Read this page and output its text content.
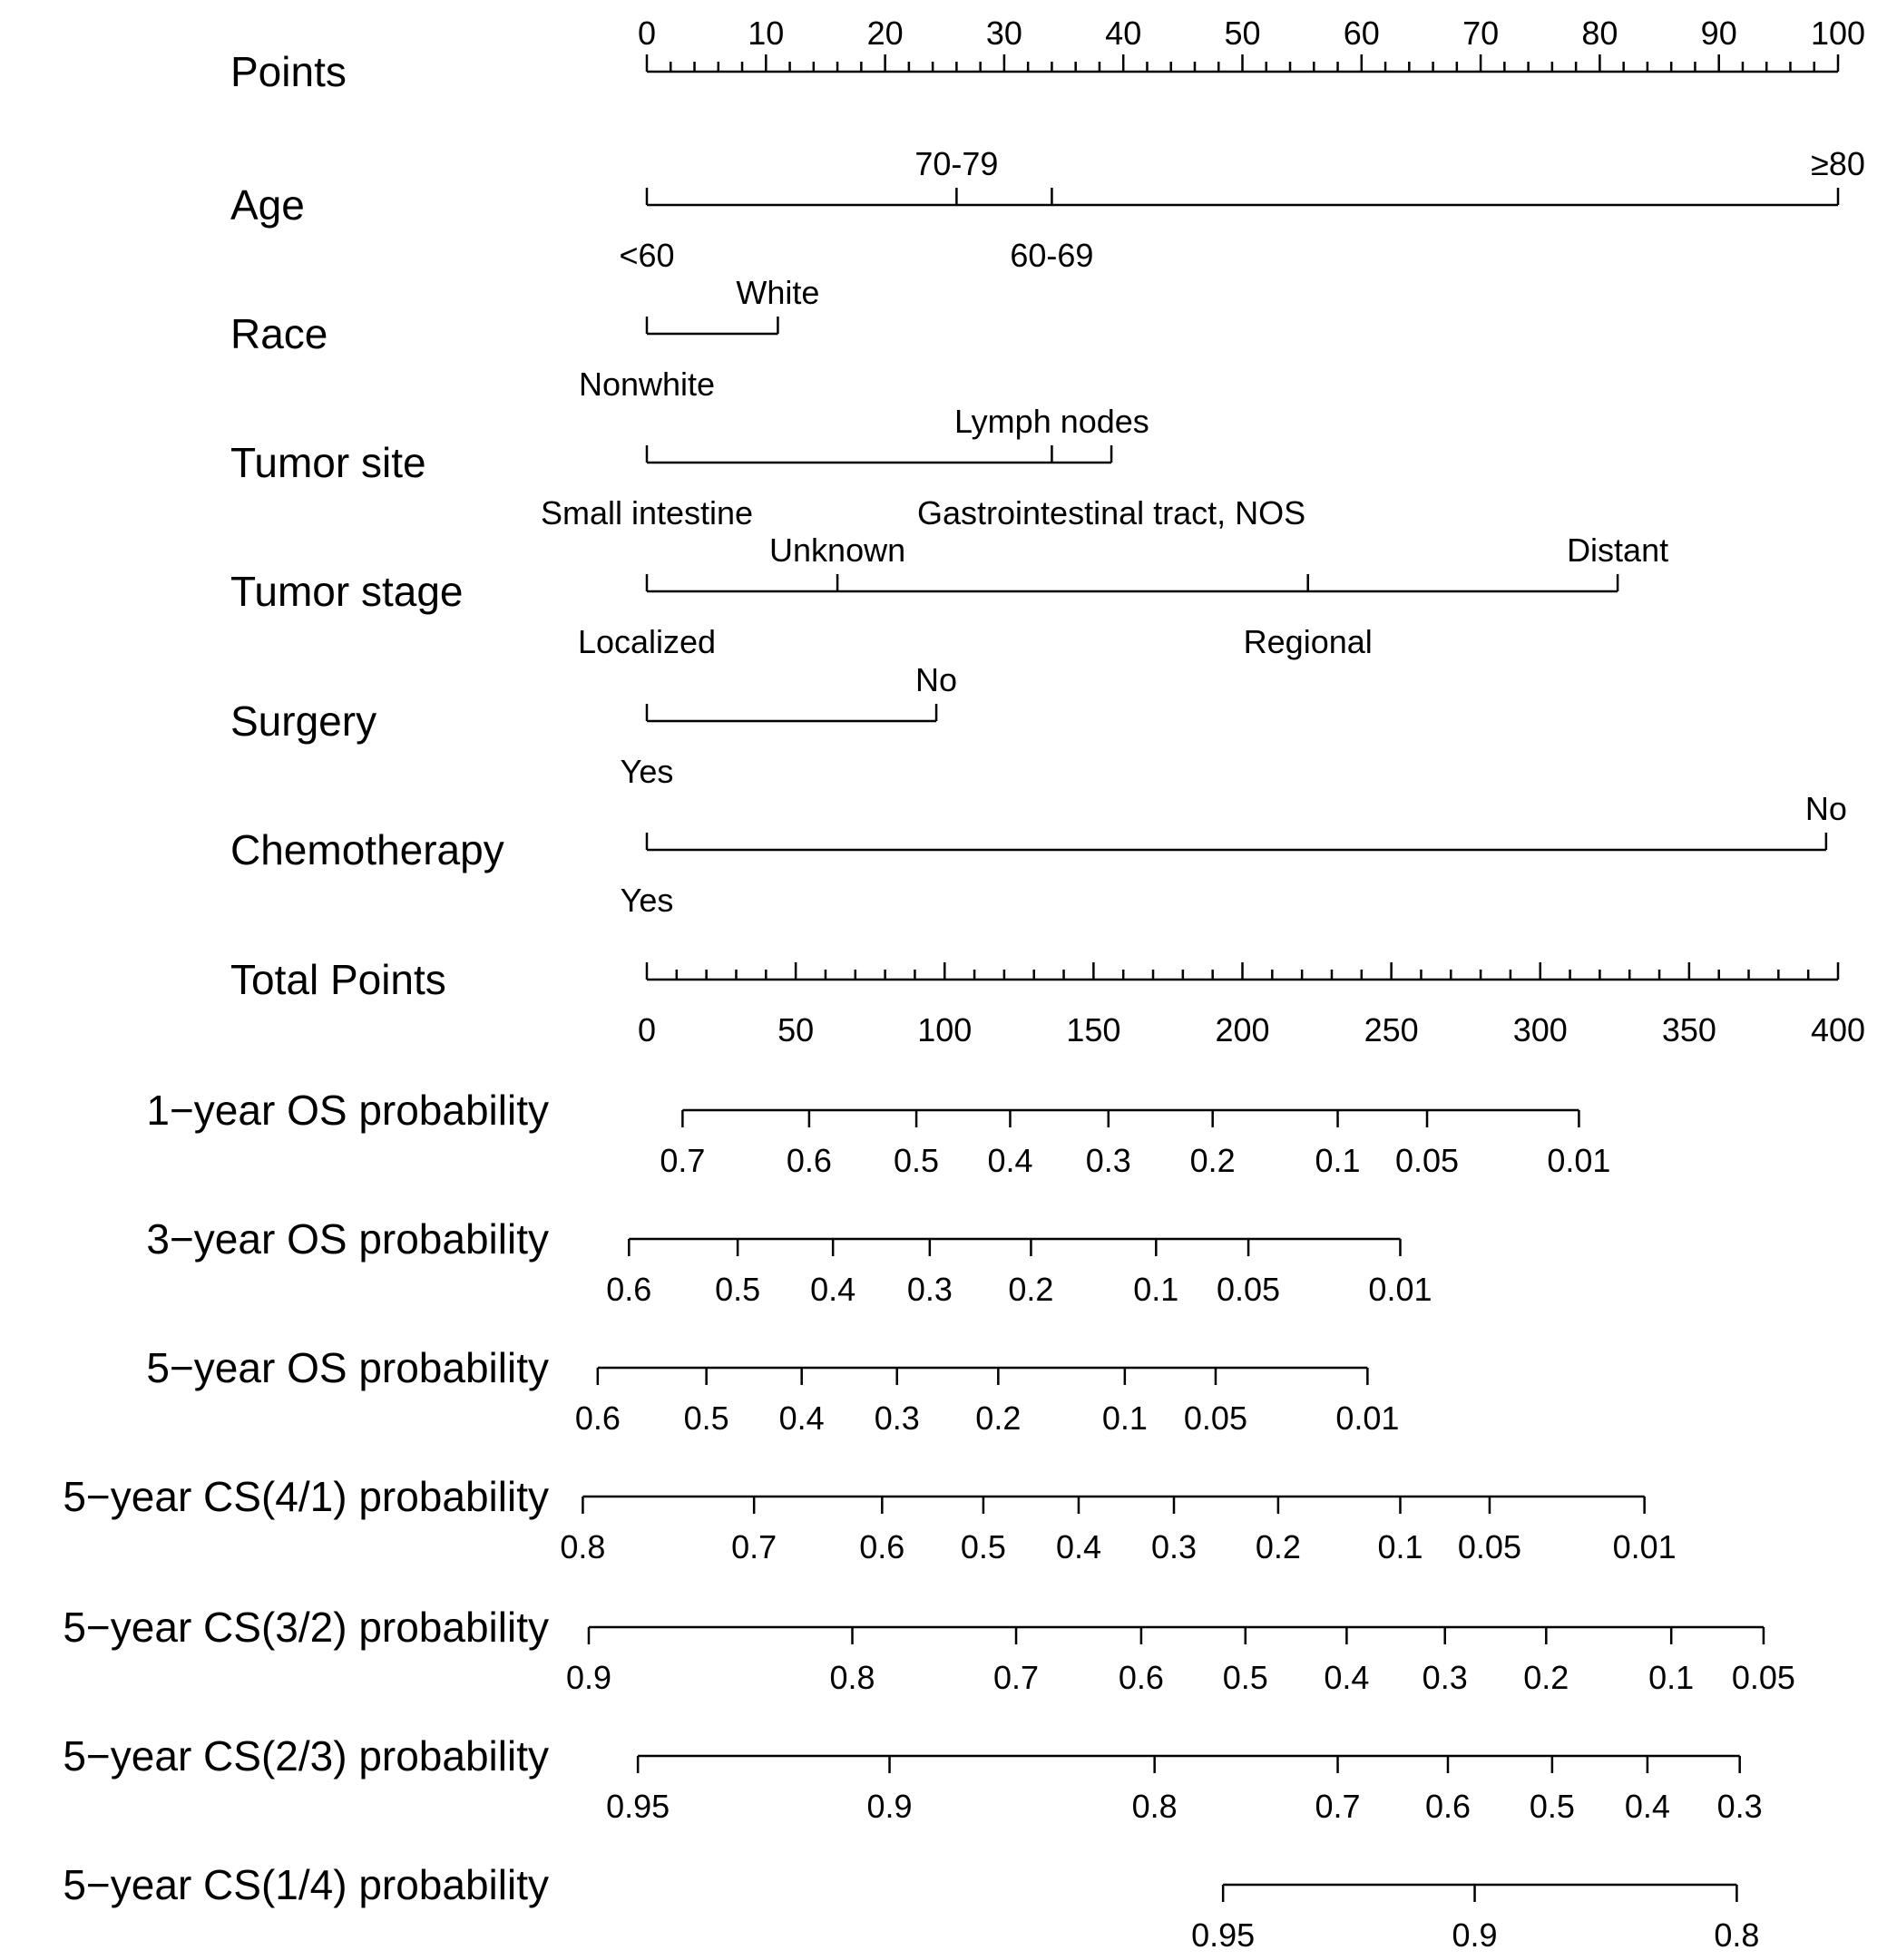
Points
0	10	20	30	40	50	60	70	80	90 100
Age
<60
70-79
60-69
≥80
Race
Nonwhite
White
Tumor site
Small intestine
Lymph nodes
Gastrointestinal tract, NOS
Tumor stage
Localized
Unknown
Regional
Distant
Surgery
Yes
No
Chemotherapy
Yes
No
Total Points
0	50	100	150	200	250	300	350	400
1−year OS probability
0.7 0.6 0.5 0.4 0.3 0.2 0.1 0.05	0.01
3−year OS probability
0.6 0.5 0.4 0.3 0.2 0.1 0.05	0.01
5−year OS probability
0.6 0.5 0.4 0.3 0.2 0.1 0.05	0.01
5−year CS(4/1) probability
0.8	0.7	0.6 0.5 0.4 0.3 0.2 0.1 0.05	0.01
5−year CS(3/2) probability
0.9	0.8	0.7 0.6 0.5 0.4 0.3 0.2 0.1 0.05
5−year CS(2/3) probability
0.95	0.9	0.8	0.7 0.6 0.5 0.4 0.3
5−year CS(1/4) probability
0.95	0.9	0.8
